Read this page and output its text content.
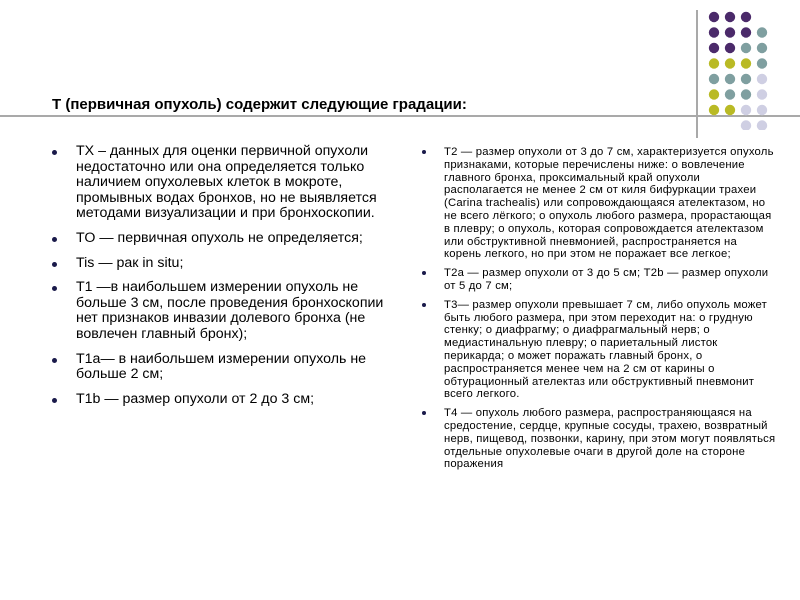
T (первичная опухоль) содержит следующие градации:
TX – данных для оценки первичной опухоли недостаточно или она определяется только наличием опухолевых клеток в мокроте, промывных водах бронхов, но не выявляется методами визуализации и при бронхоскопии.
TO — первичная опухоль не определяется;
Tis — рак in situ;
T1 —в наибольшем измерении опухоль не больше 3 см, после проведения бронхоскопии нет признаков инвазии долевого бронха (не вовлечен главный бронх);
T1a— в наибольшем измерении опухоль не больше 2 см;
T1b — размер опухоли от 2 до 3 см;
T2 — размер опухоли от 3 до 7 см, характеризуется опухоль признаками, которые перечислены ниже: о вовлечение главного бронха, проксимальный край опухоли располагается не менее 2 см от киля бифуркации трахеи (Carina trachealis) или сопровождающаяся ателектазом, но не всего лёгкого; о опухоль любого размера, прорастающая в плевру; о опухоль, которая сопровождается ателектазом или обструктивной пневмонией, распространяется на корень легкого, но при этом не поражает все легкое;
T2a — размер опухоли от 3 до 5 см; T2b — размер опухоли от 5 до 7 см;
T3— размер опухоли превышает 7 см, либо опухоль может быть любого размера, при этом переходит на: о грудную стенку; о диафрагму; о диафрагмальный нерв; о медиастинальную плевру; о париетальный листок перикарда; о может поражать главный бронх, о распространяется менее чем на 2 см от карины о обтурационный ателектаз или обструктивный пневмонит всего легкого.
T4 — опухоль любого размера, распространяющаяся на средостение, сердце, крупные сосуды, трахею, возвратный нерв, пищевод, позвонки, карину, при этом могут появляться отдельные опухолевые очаги в другой доле на стороне поражения
